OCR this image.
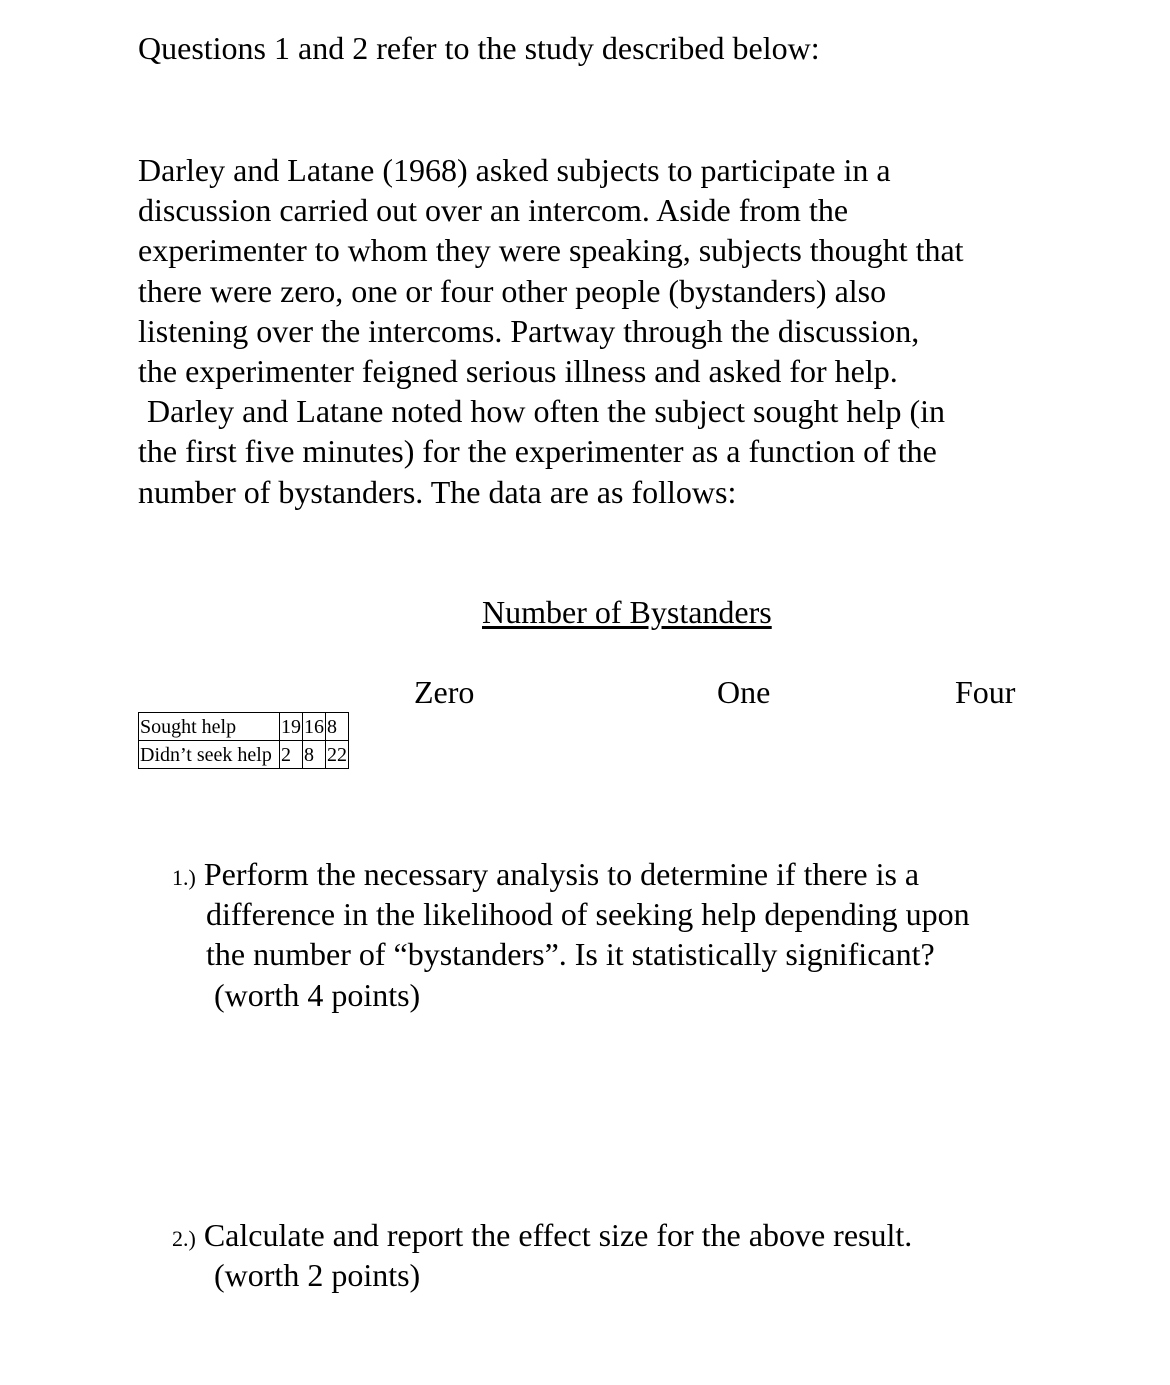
Questions 1 and 2 refer to the study described below:
Darley and Latane (1968) asked subjects to participate in a
discussion carried out over an intercom. Aside from the
experimenter to whom they were speaking, subjects thought that
there were zero, one or four other people (bystanders) also
listening over the intercoms. Partway through the discussion,
the experimenter feigned serious illness and asked for help.
Darley and Latane noted how often the subject sought help (in
the first five minutes) for the experimenter as a function of the
number of bystanders. The data are as follows:
Number of Bystanders
Zero	One	Four
Sought help	19	16	8
Didn’t seek help	2	8	22
1.) Perform the necessary analysis to determine if there is a
difference in the likelihood of seeking help depending upon
the number of “bystanders”. Is it statistically significant?
(worth 4 points)
2.) Calculate and report the effect size for the above result.
(worth 2 points)
